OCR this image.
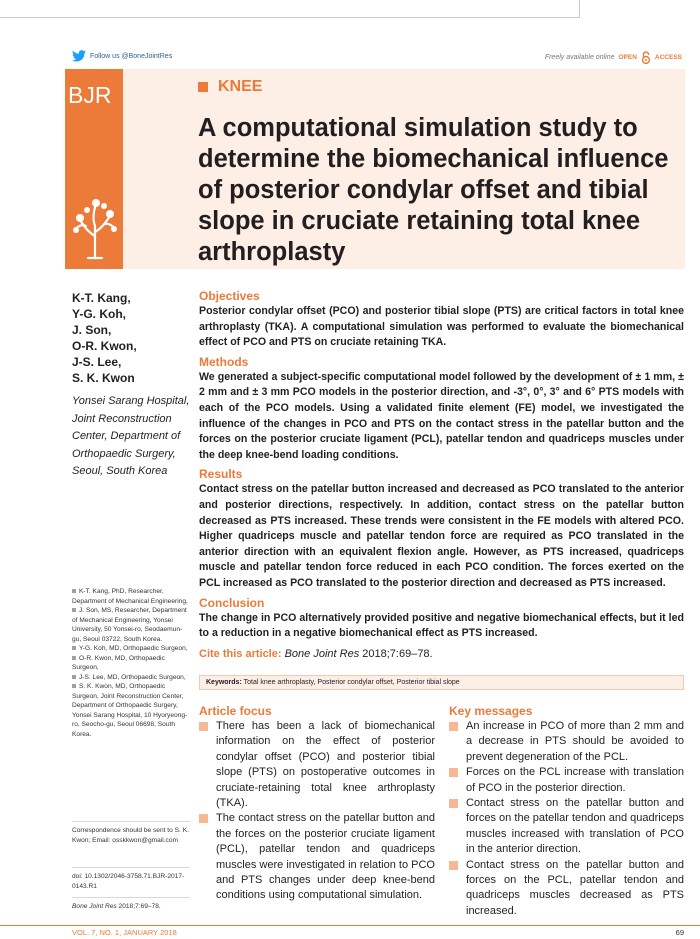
Follow us @BoneJointRes	Freely available online OPEN	ACCESS
BJR	KNEE
A computational simulation study to determine the biomechanical influence of posterior condylar offset and tibial slope in cruciate retaining total knee arthroplasty
K-T. Kang,
Y-G. Koh,
J. Son,
O-R. Kwon,
J-S. Lee,
S. K. Kwon
Yonsei Sarang Hospital, Joint Reconstruction Center, Department of Orthopaedic Surgery, Seoul, South Korea
K-T. Kang, PhD, Researcher, Department of Mechanical Engineering,
J. Son, MS, Researcher, Department of Mechanical Engineering, Yonsei University, 50 Yonsei-ro, Seodaemun-gu, Seoul 03722, South Korea.
Y-G. Koh, MD, Orthopaedic Surgeon,
O-R. Kwon, MD, Orthopaedic Surgeon,
J-S. Lee, MD, Orthopaedic Surgeon,
S. K. Kwon, MD, Orthopaedic Surgeon, Joint Reconstruction Center, Department of Orthopaedic Surgery, Yonsei Sarang Hospital, 10 Hyoryeong-ro, Seocho-gu, Seoul 06698, South Korea.
Correspondence should be sent to S. K. Kwon; Email: osskkwon@gmail.com
doi: 10.1302/2046-3758.71.BJR-2017-0143.R1
Bone Joint Res 2018;7:69–78.
Objectives

Posterior condylar offset (PCO) and posterior tibial slope (PTS) are critical factors in total knee arthroplasty (TKA). A computational simulation was performed to evaluate the biomechanical effect of PCO and PTS on cruciate retaining TKA.

Methods

We generated a subject-specific computational model followed by the development of ± 1 mm, ± 2 mm and ± 3 mm PCO models in the posterior direction, and -3°, 0°, 3° and 6° PTS models with each of the PCO models. Using a validated finite element (FE) model, we investigated the influence of the changes in PCO and PTS on the contact stress in the patellar button and the forces on the posterior cruciate ligament (PCL), patellar tendon and quadriceps muscles under the deep knee-bend loading conditions.

Results

Contact stress on the patellar button increased and decreased as PCO translated to the anterior and posterior directions, respectively. In addition, contact stress on the patellar button decreased as PTS increased. These trends were consistent in the FE models with altered PCO. Higher quadriceps muscle and patellar tendon force are required as PCO translated in the anterior direction with an equivalent flexion angle. However, as PTS increased, quadriceps muscle and patellar tendon force reduced in each PCO condition. The forces exerted on the PCL increased as PCO translated to the posterior direction and decreased as PTS increased.

Conclusion

The change in PCO alternatively provided positive and negative biomechanical effects, but it led to a reduction in a negative biomechanical effect as PTS increased.

Cite this article: Bone Joint Res 2018;7:69–78.
Keywords: Total knee arthroplasty, Posterior condylar offset, Posterior tibial slope
Article focus
There has been a lack of biomechanical information on the effect of posterior condylar offset (PCO) and posterior tibial slope (PTS) on postoperative outcomes in cruciate-retaining total knee arthroplasty (TKA).
The contact stress on the patellar button and the forces on the posterior cruciate ligament (PCL), patellar tendon and quadriceps muscles were investigated in relation to PCO and PTS changes under deep knee-bend conditions using computational simulation.
Key messages
An increase in PCO of more than 2 mm and a decrease in PTS should be avoided to prevent degeneration of the PCL.
Forces on the PCL increase with translation of PCO in the posterior direction.
Contact stress on the patellar button and forces on the patellar tendon and quadriceps muscles increased with translation of PCO in the anterior direction.
Contact stress on the patellar button and forces on the PCL, patellar tendon and quadriceps muscles decreased as PTS increased.
VOL. 7, NO. 1, JANUARY 2018	69
